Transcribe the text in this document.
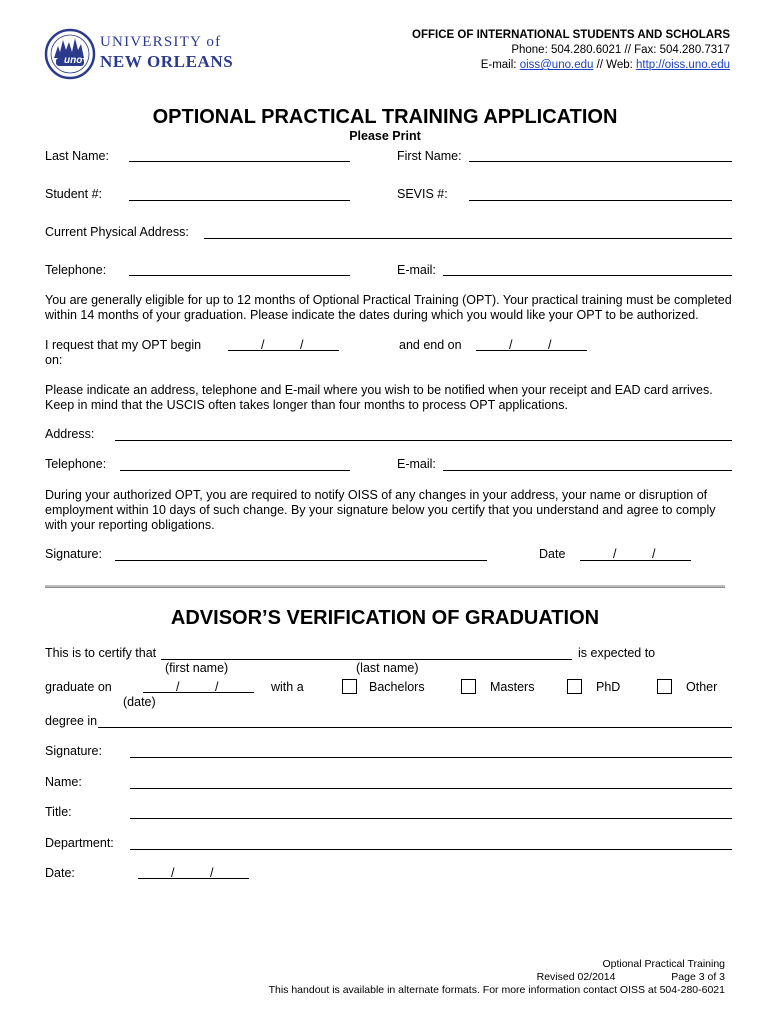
uno
UNIVERSITY of
NEW ORLEANS
OFFICE OF INTERNATIONAL STUDENTS AND SCHOLARS
Phone: 504.280.6021 // Fax: 504.280.7317
E-mail: oiss@uno.edu // Web: http://oiss.uno.edu
OPTIONAL PRACTICAL TRAINING APPLICATION
Please Print
Last Name:	First Name:
Student #:	SEVIS #:
Current Physical Address:
Telephone:	E-mail:
You are generally eligible for up to 12 months of Optional Practical Training (OPT). Your practical training must be completed within 14 months of your graduation. Please indicate the dates during which you would like your OPT to be authorized.
I request that my OPT begin
on:
/	/	and end on	/	/
Please indicate an address, telephone and E-mail where you wish to be notified when your receipt and EAD card arrives. Keep in mind that the USCIS often takes longer than four months to process OPT applications.
Address:
Telephone:	E-mail:
During your authorized OPT, you are required to notify OISS of any changes in your address, your name or disruption of employment within 10 days of such change. By your signature below you certify that you understand and agree to comply with your reporting obligations.
Signature:	Date	/	/
ADVISOR’S VERIFICATION OF GRADUATION
This is to certify that	is expected to
(first name)	(last name)
graduate on	/	/
(date)
with a	Bachelors	Masters	PhD	Other
degree in
Signature:
Name:
Title:
Department:
Date:	/	/
Optional Practical Training
Revised 02/2014	Page 3 of 3
This handout is available in alternate formats. For more information contact OISS at 504-280-6021
